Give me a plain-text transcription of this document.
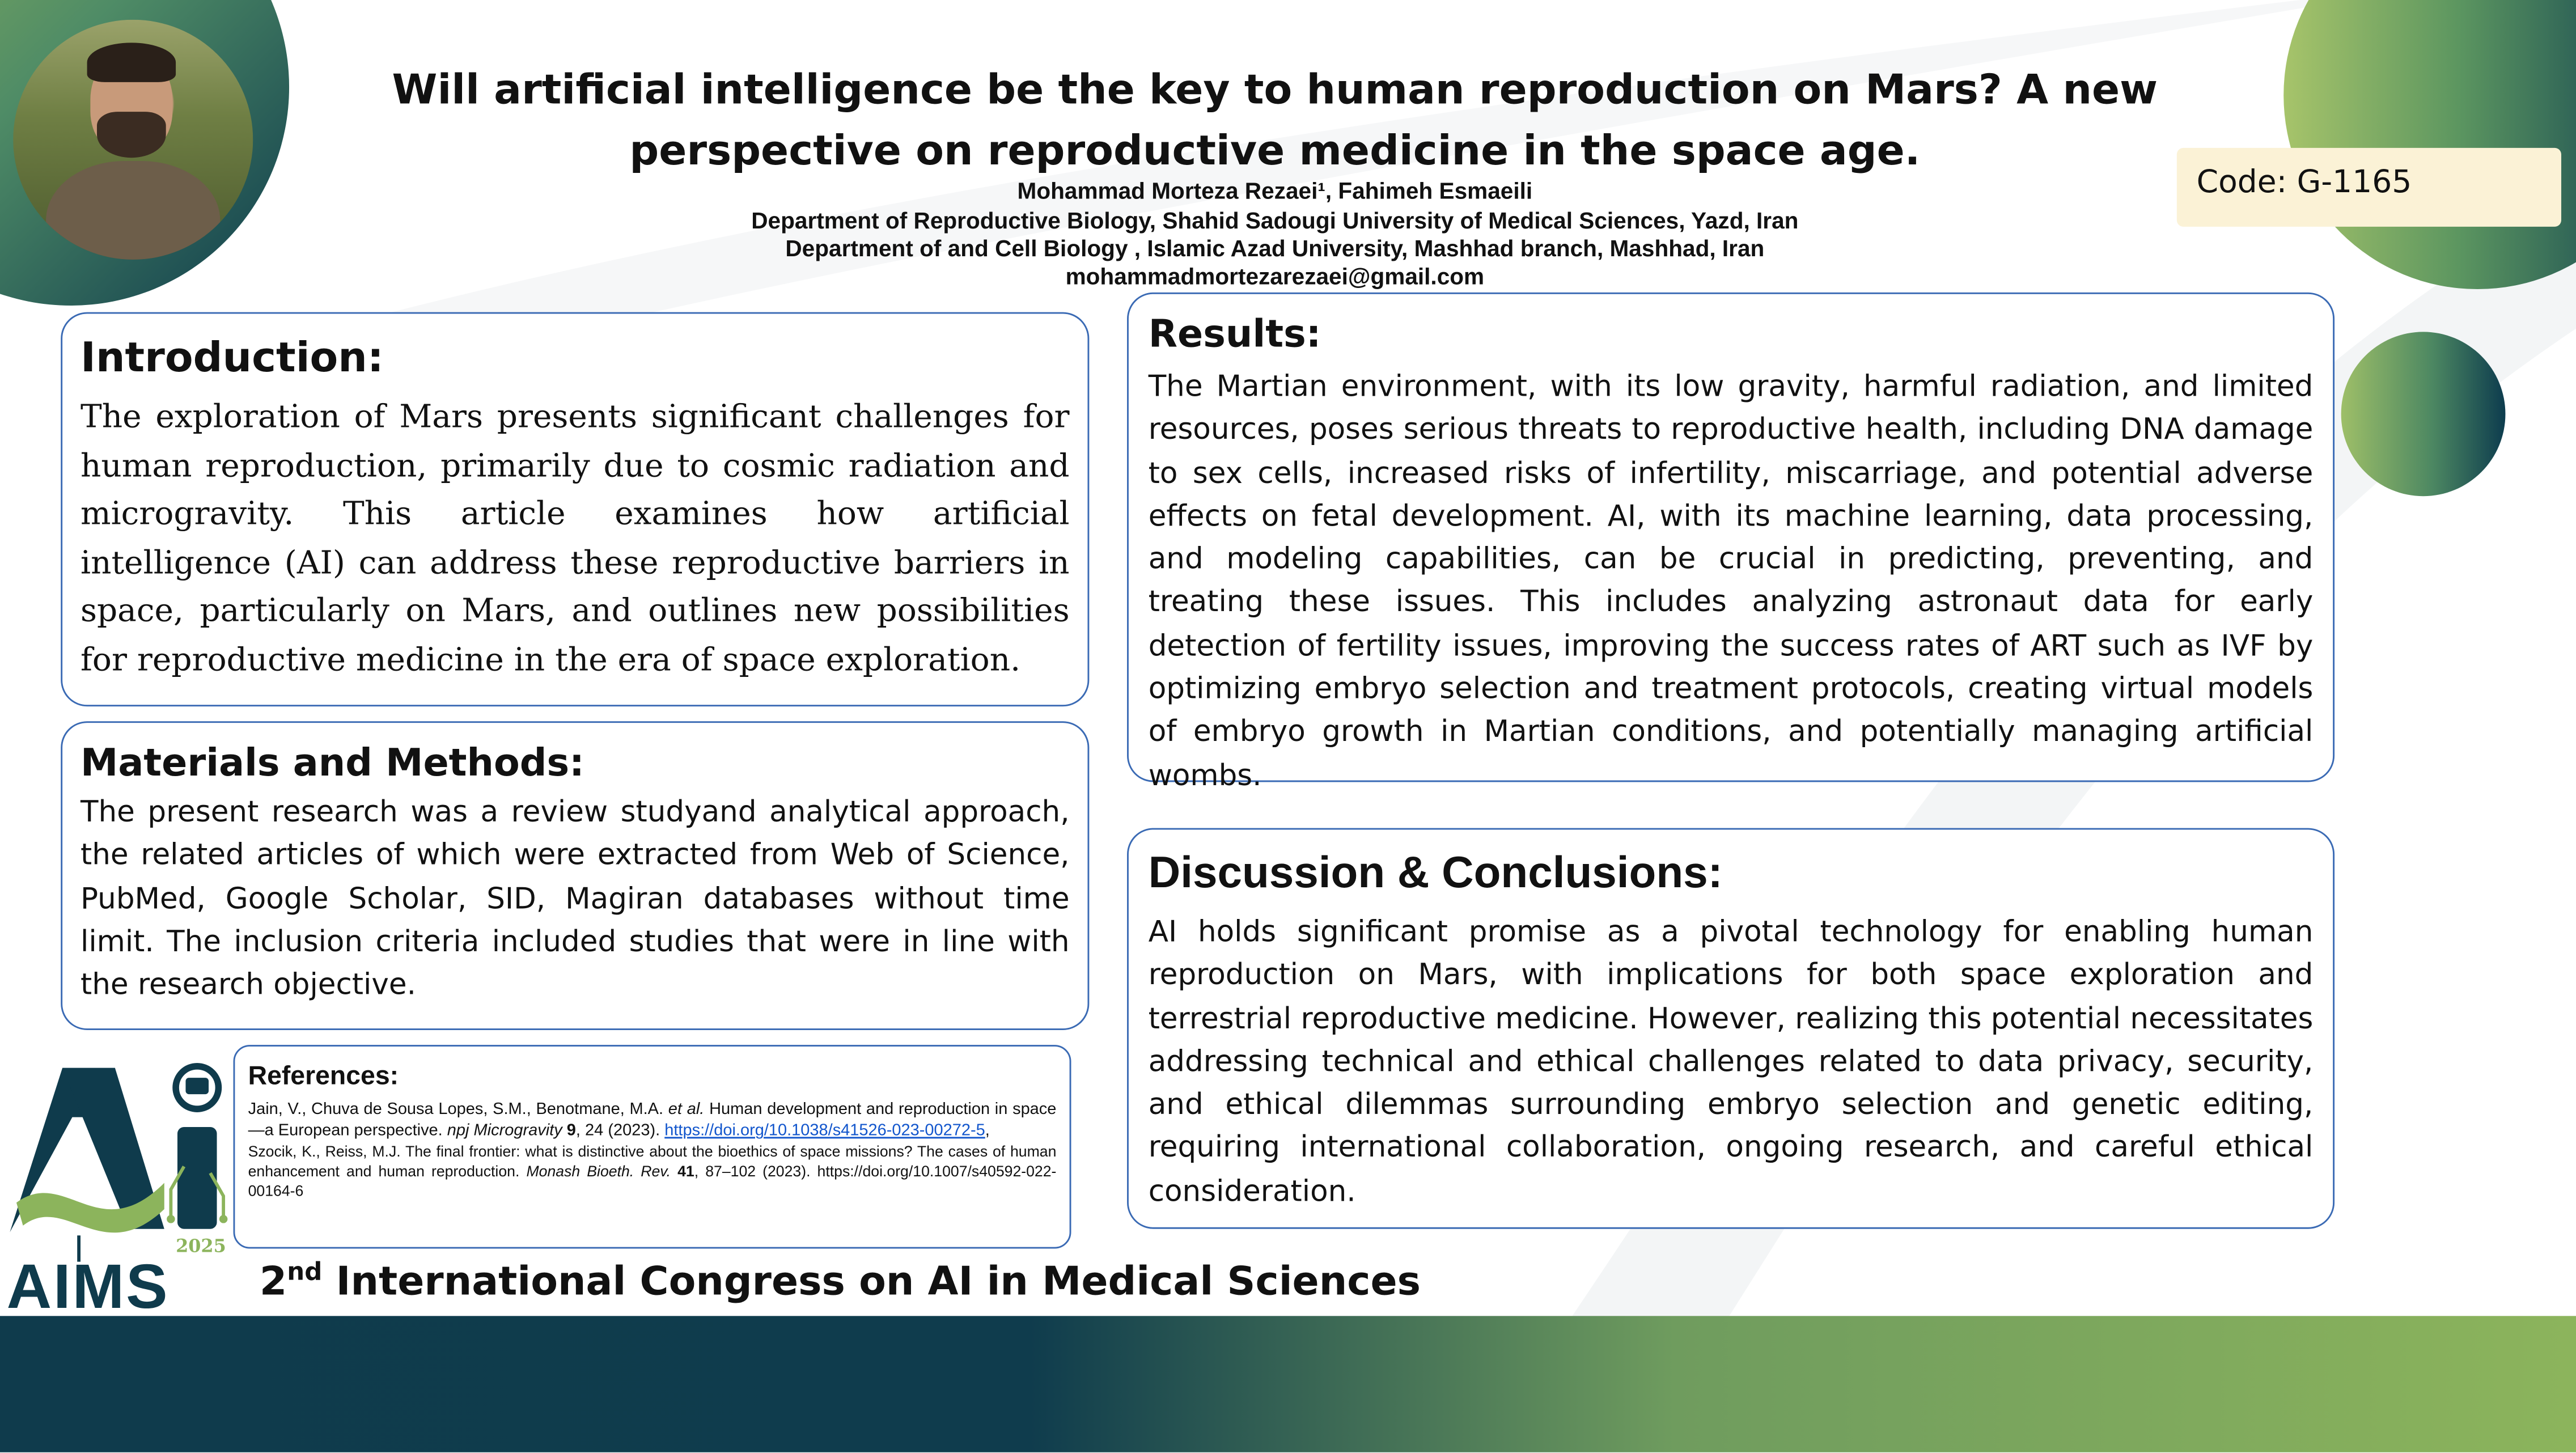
Will artificial intelligence be the key to human reproduction on Mars? A new perspective on reproductive medicine in the space age.
Mohammad Morteza Rezaei¹, Fahimeh Esmaeili
Department of Reproductive Biology, Shahid Sadougi University of Medical Sciences, Yazd, Iran
Department of and Cell Biology , Islamic Azad University, Mashhad branch, Mashhad, Iran
mohammadmortezarezaei@gmail.com
Code: G-1165
Introduction:

The exploration of Mars presents significant challenges for human reproduction, primarily due to cosmic radiation and microgravity. This article examines how artificial intelligence (AI) can address these reproductive barriers in space, particularly on Mars, and outlines new possibilities for reproductive medicine in the era of space exploration.

Materials and Methods:

The present research was a review studyand analytical approach, the related articles of which were extracted from Web of Science, PubMed, Google Scholar, SID, Magiran databases without time limit. The inclusion criteria included studies that were in line with the research objective.

Results:

The Martian environment, with its low gravity, harmful radiation, and limited resources, poses serious threats to reproductive health, including DNA damage to sex cells, increased risks of infertility, miscarriage, and potential adverse effects on fetal development. AI, with its machine learning, data processing, and modeling capabilities, can be crucial in predicting, preventing, and treating these issues. This includes analyzing astronaut data for early detection of fertility issues, improving the success rates of ART such as IVF by optimizing embryo selection and treatment protocols, creating virtual models of embryo growth in Martian conditions, and potentially managing artificial wombs.

Discussion & Conclusions:

AI holds significant promise as a pivotal technology for enabling human reproduction on Mars, with implications for both space exploration and terrestrial reproductive medicine. However, realizing this potential necessitates addressing technical and ethical challenges related to data privacy, security, and ethical dilemmas surrounding embryo selection and genetic editing, requiring international collaboration, ongoing research, and careful ethical consideration.

References:

Jain, V., Chuva de Sousa Lopes, S.M., Benotmane, M.A. et al. Human development and reproduction in space—a European perspective. npj Microgravity 9, 24 (2023). https://doi.org/10.1038/s41526-023-00272-5,

Szocik, K., Reiss, M.J. The final frontier: what is distinctive about the bioethics of space missions? The cases of human enhancement and human reproduction. Monash Bioeth. Rev. 41, 87–102 (2023). https://doi.org/10.1007/s40592-022-00164-6

2025
AIMS	2nd International Congress on AI in Medical Sciences
